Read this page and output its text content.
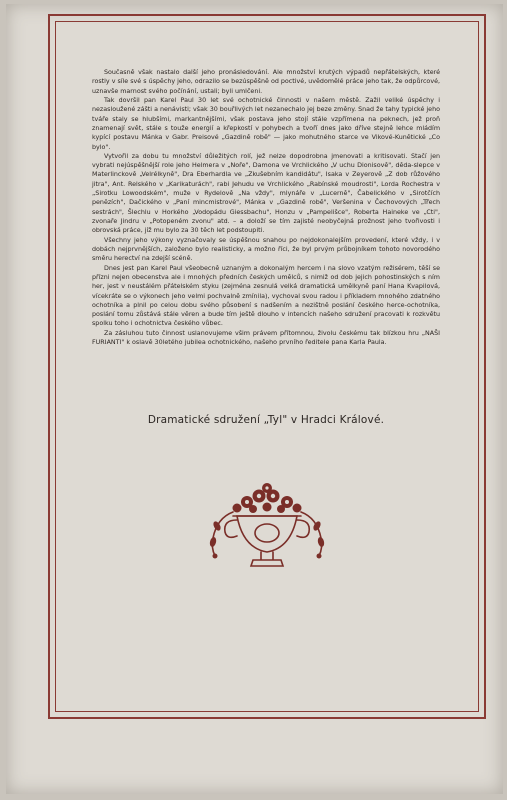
Současně však nastalo další jeho pronásledování. Ale množství krutých výpadů nepřátelských, které rostly v síle své s úspěchy jeho, odrazilo se bezúspěšně od poctivé, uvědomělé práce jeho tak, že odpůrcové, uznavše marnost svého počínání, ustali; byli umlčeni.

Tak dovršil pan Karel Paul 30 let své ochotnické činnosti v našem městě. Zažil veliké úspěchy i nezasloužené zášti a nenávisti; však 30 bouřlivých let nezanechalo jej beze změny. Snad že tahy typické jeho tváře staly se hlubšími, markantnějšími, však postava jeho stojí stále vzpřímena na peknech, jež proň znamenají svět, stále s touže energií a křepkostí v pohybech a tvoří dnes jako dříve stejně lehce mládím kypící postavu Mánka v Gabr. Preisové „Gazdině robě" — jako mohutného starce ve Vikové-Kunětické „Co bylo".

Vytvořil za dobu tu množství důležitých rolí, jež nelze dopodrobna jmenovati a kritisovati. Stačí jen vybrati nejúspěšnější role jeho Helmera v „Noře", Damona ve Vrchlického „V uchu Dionisově", děda-slepce v Materlinckově „Velrélkyně", Dra Eberhardla ve „Zkušebním kandidátu", Isaka v Zeyerově „Z dob růžového jitra", Ant. Relského v „Karikaturách", rabi Jehudu ve Vrchlického „Rabínské moudrosti", Lorda Rochestra v „Sirotku Lowoodském", muže v Rydelově „Na vždy", mlynáře v „Lucerně", Čabelického v „Sirotčích penězích", Dačického v „Paní mincmistrové", Mánka v „Gazdině robě", Veršenina v Čechovových „Třech sestrách", Šlechlu v Horkého „Vodopádu Giessbachu", Honzu v „Pampelišce", Roberta Haineke ve „Cti", zvonaře Jindru v „Potopeném zvonu" atd. – a doloží se tím zajisté neobyčejná prožnost jeho tvořivosti i obrovská práce, jíž mu bylo za 30 těch let podstoupiti.

Všechny jeho výkony vyznačovaly se úspěšnou snahou po nejdokonalejším provedení, které vždy, i v dobách nejprvnějších, založeno bylo realisticky, a možno říci, že byl prvým průbojníkem tohoto novorodého směru herectví na zdejší scéně.

Dnes jest pan Karel Paul všeobecně uznaným a dokonalým hercem i na slovo vzatým režisérem, těší se přízni nejen obecenstva ale i mnohých předních českých umělců, s nimiž od dob jejich pohostinských s ním her, jest v neustálém přátelském styku (zejména zesnulá velká dramatická umělkyně paní Hana Kvapilová, vícekráte se o výkonech jeho velmi pochvalně zmínila), vychoval svou radou i příkladem mnohého zdatného ochotníka a plnil po celou dobu svého působení s nadšením a nezištně poslání českého herce-ochotníka, poslání tomu zůstává stále věren a bude tím ještě dlouho v intencích našeho sdružení pracovati k rozkvětu spolku toho i ochotnictva českého vůbec.

Za zásluhou tuto činnost uslanovujeme všim právem přítomnou, živolu českému tak blízkou hru „NAŠI FURIANTI" k oslavě 30letého jubilea ochotnického, našeho prvního ředitele pana Karla Paula.

Dramatické sdružení „Tyl" v Hradci Králové.
